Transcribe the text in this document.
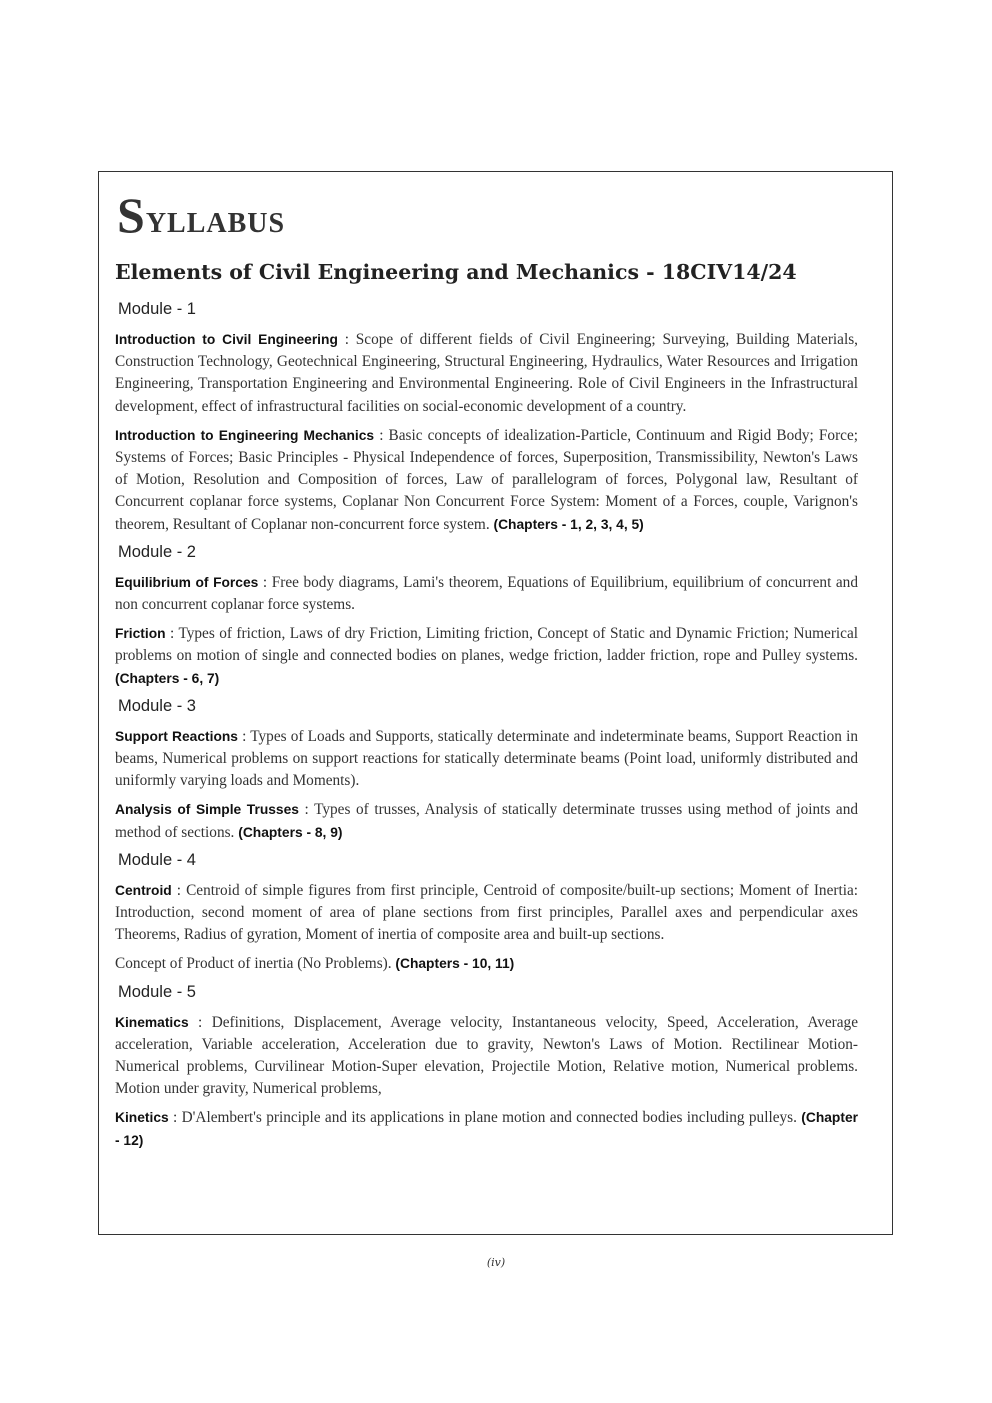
Syllabus
Elements of Civil Engineering and Mechanics - 18CIV14/24
Module - 1

Introduction to Civil Engineering : Scope of different fields of Civil Engineering; Surveying, Building Materials, Construction Technology, Geotechnical Engineering, Structural Engineering, Hydraulics, Water Resources and Irrigation Engineering, Transportation Engineering and Environmental Engineering. Role of Civil Engineers in the Infrastructural development, effect of infrastructural facilities on social-economic development of a country.

Introduction to Engineering Mechanics : Basic concepts of idealization-Particle, Continuum and Rigid Body; Force; Systems of Forces; Basic Principles - Physical Independence of forces, Superposition, Transmissibility, Newton's Laws of Motion, Resolution and Composition of forces, Law of parallelogram of forces, Polygonal law, Resultant of Concurrent coplanar force systems, Coplanar Non Concurrent Force System: Moment of a Forces, couple, Varignon's theorem, Resultant of Coplanar non-concurrent force system. (Chapters - 1, 2, 3, 4, 5)

Module - 2

Equilibrium of Forces : Free body diagrams, Lami's theorem, Equations of Equilibrium, equilibrium of concurrent and non concurrent coplanar force systems.

Friction : Types of friction, Laws of dry Friction, Limiting friction, Concept of Static and Dynamic Friction; Numerical problems on motion of single and connected bodies on planes, wedge friction, ladder friction, rope and Pulley systems. (Chapters - 6, 7)

Module - 3

Support Reactions : Types of Loads and Supports, statically determinate and indeterminate beams, Support Reaction in beams, Numerical problems on support reactions for statically determinate beams (Point load, uniformly distributed and uniformly varying loads and Moments).

Analysis of Simple Trusses : Types of trusses, Analysis of statically determinate trusses using method of joints and method of sections. (Chapters - 8, 9)

Module - 4

Centroid : Centroid of simple figures from first principle, Centroid of composite/built-up sections; Moment of Inertia: Introduction, second moment of area of plane sections from first principles, Parallel axes and perpendicular axes Theorems, Radius of gyration, Moment of inertia of composite area and built-up sections.

Concept of Product of inertia (No Problems). (Chapters - 10, 11)

Module - 5

Kinematics : Definitions, Displacement, Average velocity, Instantaneous velocity, Speed, Acceleration, Average acceleration, Variable acceleration, Acceleration due to gravity, Newton's Laws of Motion. Rectilinear Motion-Numerical problems, Curvilinear Motion-Super elevation, Projectile Motion, Relative motion, Numerical problems. Motion under gravity, Numerical problems,

Kinetics : D'Alembert's principle and its applications in plane motion and connected bodies including pulleys. (Chapter - 12)

(iv)
